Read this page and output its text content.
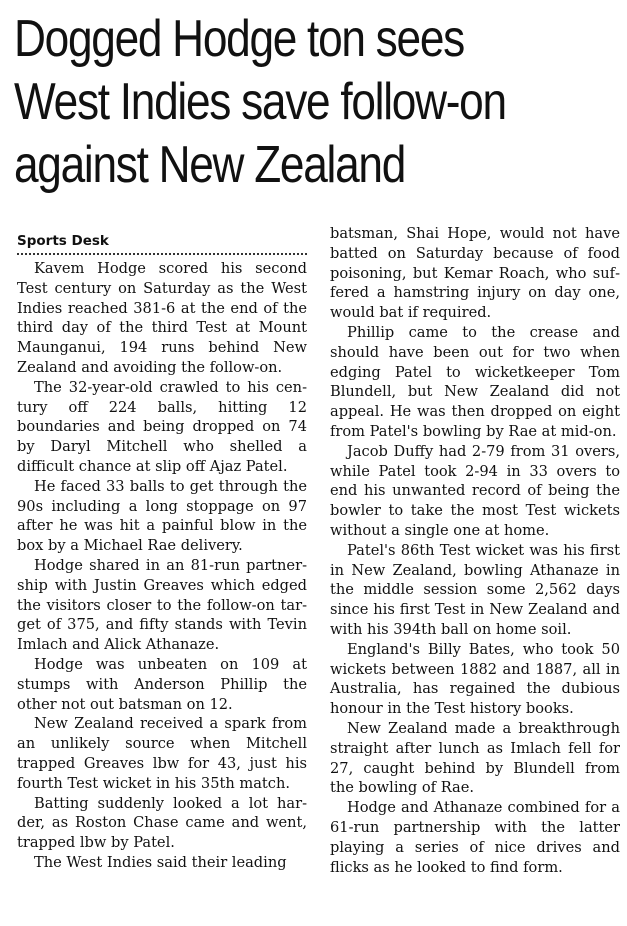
Dogged Hodge ton sees
West Indies save follow-on
against New Zealand
Sports Desk

Kavem Hodge scored his second Test century on Saturday as the West Indies reached 381-6 at the end of the third day of the third Test at Mount Maunganui, 194 runs behind New Zealand and avoiding the follow-on.

The 32-year-old crawled to his century off 224 balls, hitting 12 boundaries and being dropped on 74 by Daryl Mitchell who shelled a difficult chance at slip off Ajaz Patel.

He faced 33 balls to get through the 90s including a long stoppage on 97 after he was hit a painful blow in the box by a Michael Rae delivery.

Hodge shared in an 81-run partnership with Justin Greaves which edged the visitors closer to the follow-on target of 375, and fifty stands with Tevin Imlach and Alick Athanaze.

Hodge was unbeaten on 109 at stumps with Anderson Phillip the other not out batsman on 12.

New Zealand received a spark from an unlikely source when Mitchell trapped Greaves lbw for 43, just his fourth Test wicket in his 35th match.

Batting suddenly looked a lot harder, as Roston Chase came and went, trapped lbw by Patel.

The West Indies said their leading

batsman, Shai Hope, would not have batted on Saturday because of food poisoning, but Kemar Roach, who suffered a hamstring injury on day one, would bat if required.

Phillip came to the crease and should have been out for two when edging Patel to wicketkeeper Tom Blundell, but New Zealand did not appeal. He was then dropped on eight from Patel's bowling by Rae at mid-on.

Jacob Duffy had 2-79 from 31 overs, while Patel took 2-94 in 33 overs to end his unwanted record of being the bowler to take the most Test wickets without a single one at home.

Patel's 86th Test wicket was his first in New Zealand, bowling Athanaze in the middle session some 2,562 days since his first Test in New Zealand and with his 394th ball on home soil.

England's Billy Bates, who took 50 wickets between 1882 and 1887, all in Australia, has regained the dubious honour in the Test history books.

New Zealand made a breakthrough straight after lunch as Imlach fell for 27, caught behind by Blundell from the bowling of Rae.

Hodge and Athanaze combined for a 61-run partnership with the latter playing a series of nice drives and flicks as he looked to find form.
